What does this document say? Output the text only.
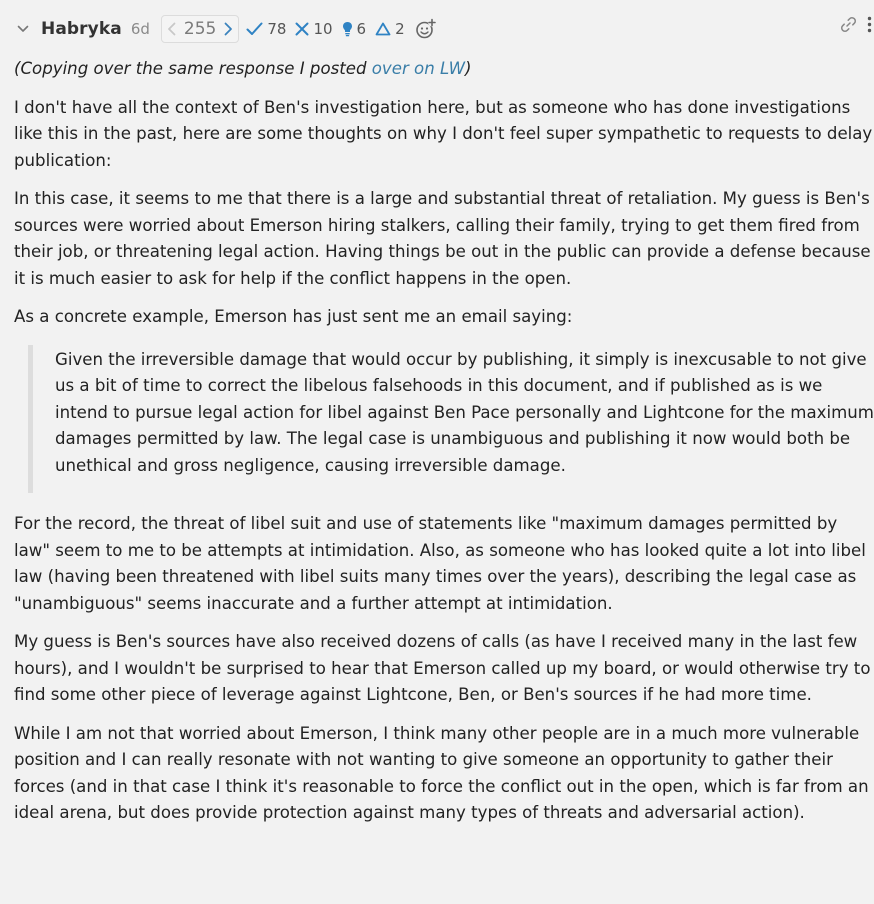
Habryka 6d 255	78 10 6 2

(Copying over the same response I posted over on LW)

I don't have all the context of Ben's investigation here, but as someone who has done investigations like this in the past, here are some thoughts on why I don't feel super sympathetic to requests to delay publication:

In this case, it seems to me that there is a large and substantial threat of retaliation. My guess is Ben's sources were worried about Emerson hiring stalkers, calling their family, trying to get them fired from their job, or threatening legal action. Having things be out in the public can provide a defense because it is much easier to ask for help if the conflict happens in the open.

As a concrete example, Emerson has just sent me an email saying:

Given the irreversible damage that would occur by publishing, it simply is inexcusable to not give us a bit of time to correct the libelous falsehoods in this document, and if published as is we intend to pursue legal action for libel against Ben Pace personally and Lightcone for the maximum damages permitted by law. The legal case is unambiguous and publishing it now would both be unethical and gross negligence, causing irreversible damage.

For the record, the threat of libel suit and use of statements like "maximum damages permitted by law" seem to me to be attempts at intimidation. Also, as someone who has looked quite a lot into libel law (having been threatened with libel suits many times over the years), describing the legal case as "unambiguous" seems inaccurate and a further attempt at intimidation.

My guess is Ben's sources have also received dozens of calls (as have I received many in the last few hours), and I wouldn't be surprised to hear that Emerson called up my board, or would otherwise try to find some other piece of leverage against Lightcone, Ben, or Ben's sources if he had more time.

While I am not that worried about Emerson, I think many other people are in a much more vulnerable position and I can really resonate with not wanting to give someone an opportunity to gather their forces (and in that case I think it's reasonable to force the conflict out in the open, which is far from an ideal arena, but does provide protection against many types of threats and adversarial action).
